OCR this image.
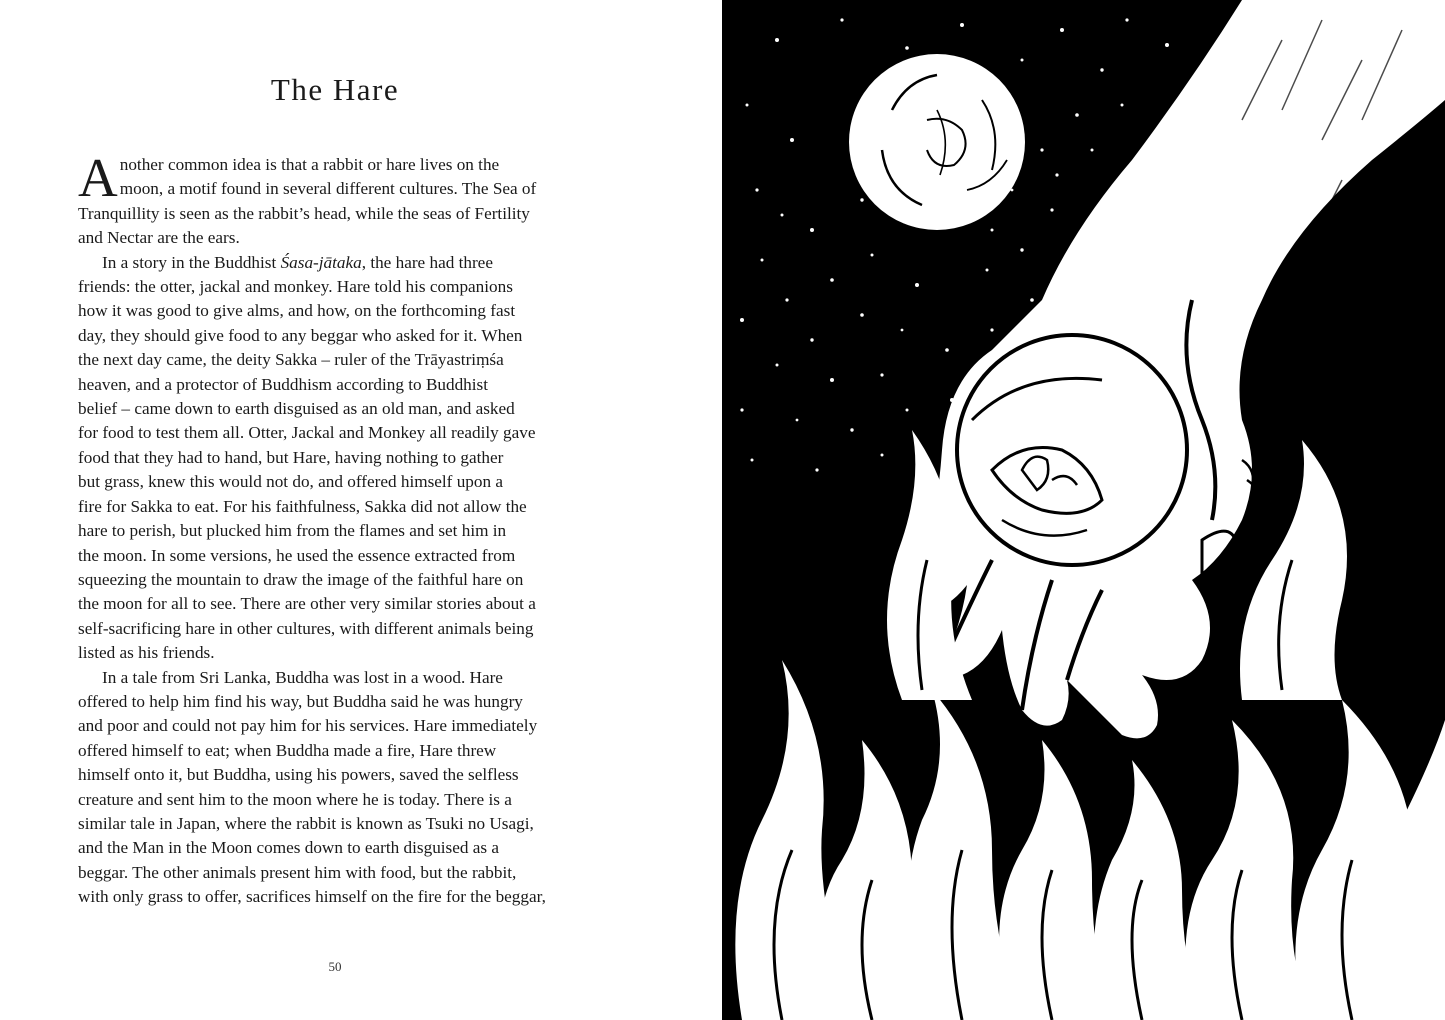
The Hare
A nother common idea is that a rabbit or hare lives on the

moon, a motif found in several different cultures. The Sea of

Tranquillity is seen as the rabbit’s head, while the seas of Fertility

and Nectar are the ears.

In a story in the Buddhist Śasa-jātaka, the hare had three

friends: the otter, jackal and monkey. Hare told his companions

how it was good to give alms, and how, on the forthcoming fast

day, they should give food to any beggar who asked for it. When

the next day came, the deity Sakka – ruler of the Trāyastriṃśa

heaven, and a protector of Buddhism according to Buddhist

belief – came down to earth disguised as an old man, and asked

for food to test them all. Otter, Jackal and Monkey all readily gave

food that they had to hand, but Hare, having nothing to gather

but grass, knew this would not do, and offered himself upon a

fire for Sakka to eat. For his faithfulness, Sakka did not allow the

hare to perish, but plucked him from the flames and set him in

the moon. In some versions, he used the essence extracted from

squeezing the mountain to draw the image of the faithful hare on

the moon for all to see. There are other very similar stories about a

self-sacrificing hare in other cultures, with different animals being

listed as his friends.

In a tale from Sri Lanka, Buddha was lost in a wood. Hare

offered to help him find his way, but Buddha said he was hungry

and poor and could not pay him for his services. Hare immediately

offered himself to eat; when Buddha made a fire, Hare threw

himself onto it, but Buddha, using his powers, saved the selfless

creature and sent him to the moon where he is today. There is a

similar tale in Japan, where the rabbit is known as Tsuki no Usagi,

and the Man in the Moon comes down to earth disguised as a

beggar. The other animals present him with food, but the rabbit,

with only grass to offer, sacrifices himself on the fire for the beggar,

50
